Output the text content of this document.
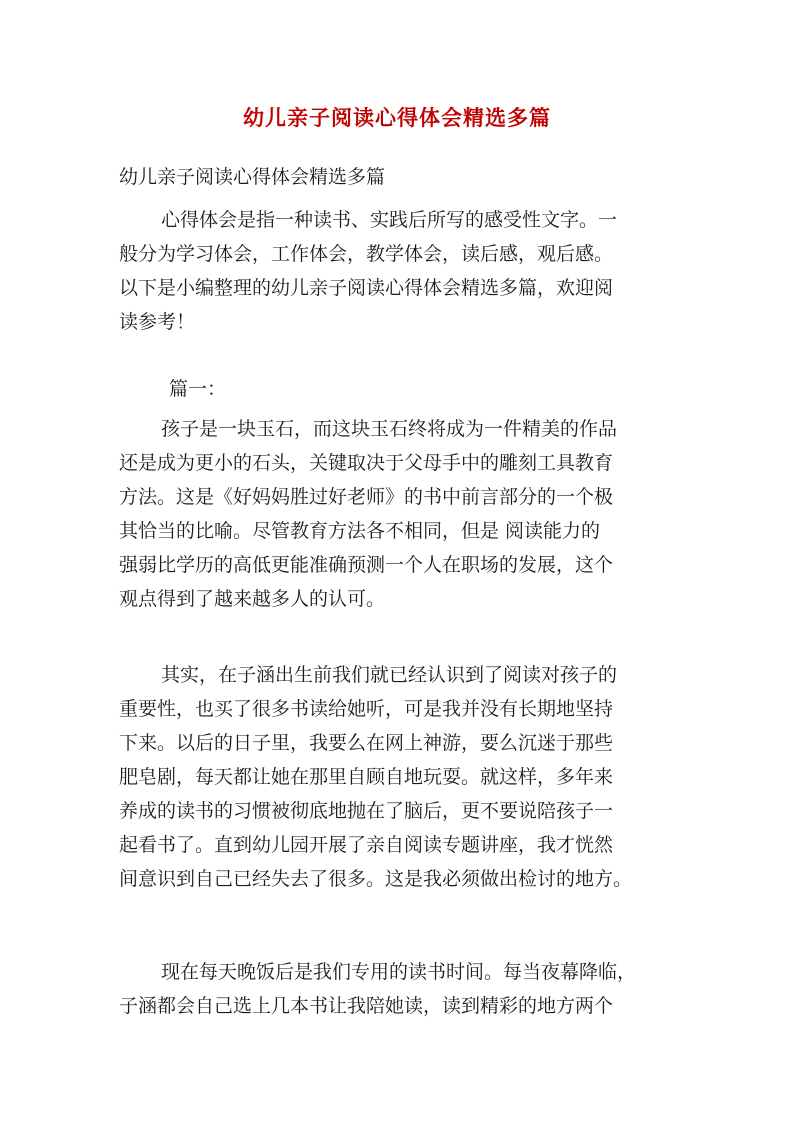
幼儿亲子阅读心得体会精选多篇
幼儿亲子阅读心得体会精选多篇
心得体会是指一种读书、实践后所写的感受性文字。一
般分为学习体会，工作体会，教学体会，读后感，观后感。
以下是小编整理的幼儿亲子阅读心得体会精选多篇，欢迎阅
读参考！
篇一：
孩子是一块玉石，而这块玉石终将成为一件精美的作品
还是成为更小的石头，关键取决于父母手中的雕刻工具教育
方法。这是《好妈妈胜过好老师》的书中前言部分的一个极
其恰当的比喻。尽管教育方法各不相同，但是 阅读能力的
强弱比学历的高低更能准确预测一个人在职场的发展，这个
观点得到了越来越多人的认可。
其实，在子涵出生前我们就已经认识到了阅读对孩子的
重要性，也买了很多书读给她听，可是我并没有长期地坚持
下来。以后的日子里，我要么在网上神游，要么沉迷于那些
肥皂剧，每天都让她在那里自顾自地玩耍。就这样，多年来
养成的读书的习惯被彻底地抛在了脑后，更不要说陪孩子一
起看书了。直到幼儿园开展了亲自阅读专题讲座，我才恍然
间意识到自己已经失去了很多。这是我必须做出检讨的地方。
现在每天晚饭后是我们专用的读书时间。每当夜幕降临，
子涵都会自己选上几本书让我陪她读，读到精彩的地方两个
